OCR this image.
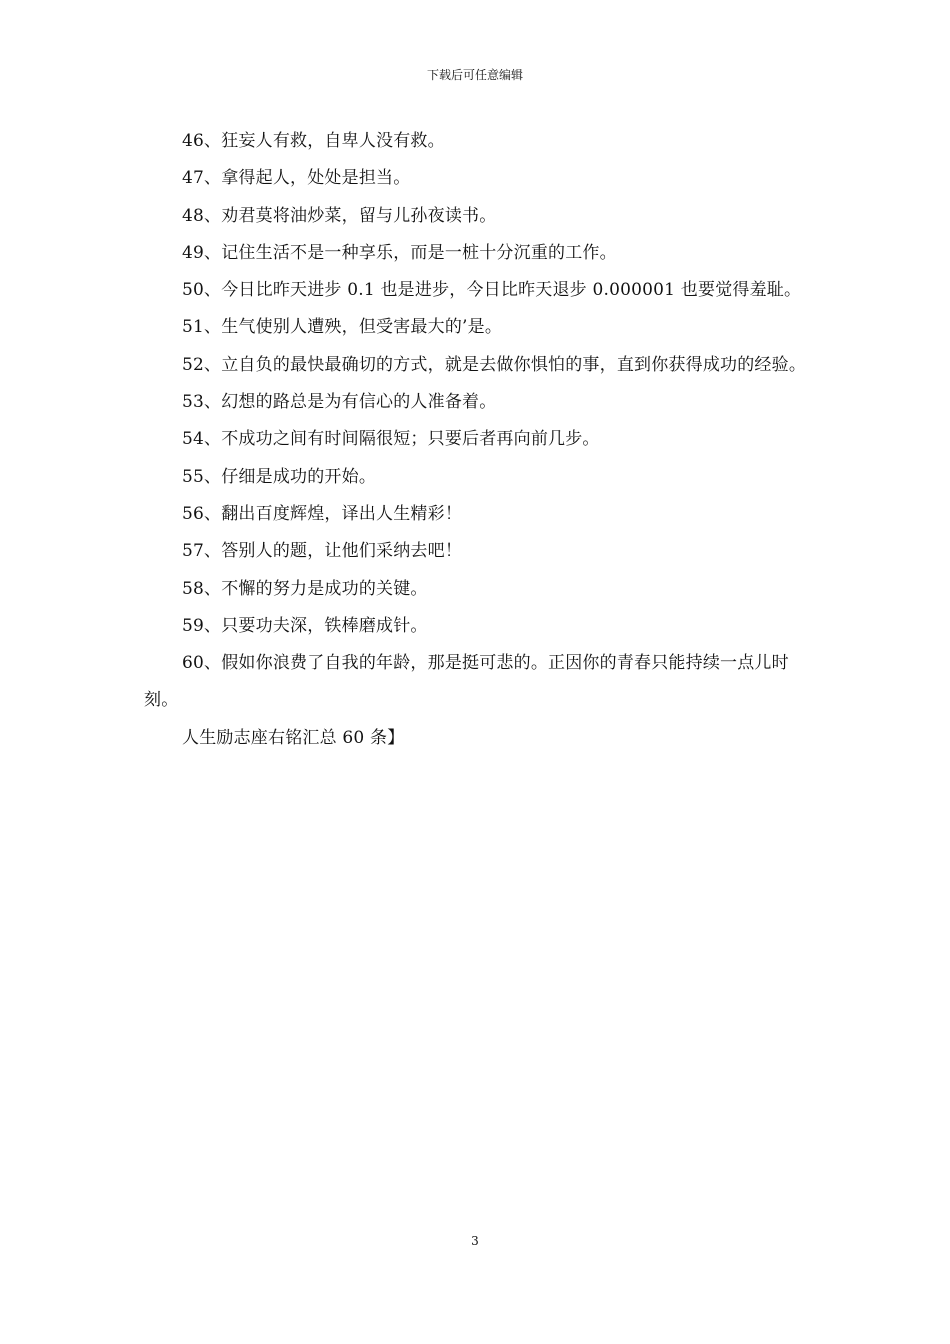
下载后可任意编辑

46、狂妄人有救，自卑人没有救。

47、拿得起人，处处是担当。

48、劝君莫将油炒菜，留与儿孙夜读书。

49、记住生活不是一种享乐，而是一桩十分沉重的工作。

50、今日比昨天进步 0.1 也是进步，今日比昨天退步 0.000001 也要觉得羞耻。

51、生气使别人遭殃，但受害最大的’是。

52、立自负的最快最确切的方式，就是去做你惧怕的事，直到你获得成功的经验。

53、幻想的路总是为有信心的人准备着。

54、不成功之间有时间隔很短；只要后者再向前几步。

55、仔细是成功的开始。

56、翻出百度辉煌，译出人生精彩！

57、答别人的题，让他们采纳去吧！

58、不懈的努力是成功的关键。

59、只要功夫深，铁棒磨成针。

60、假如你浪费了自我的年龄，那是挺可悲的。正因你的青春只能持续一点儿时刻。

人生励志座右铭汇总 60 条】

3
